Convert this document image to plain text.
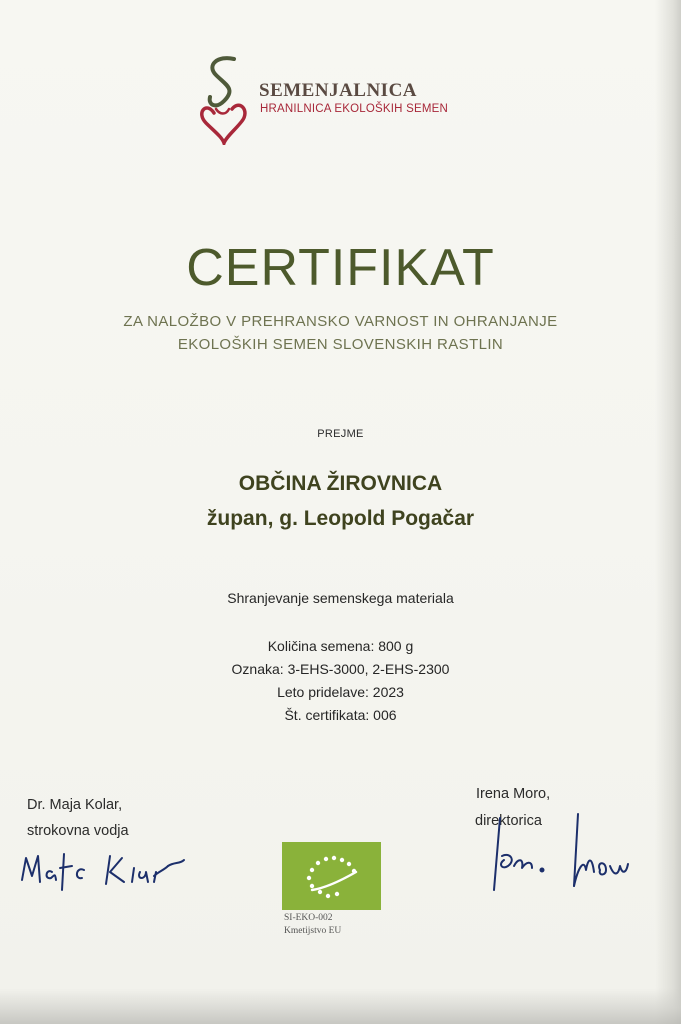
SEMENJALNICA
HRANILNICA EKOLOŠKIH SEMEN
CERTIFIKAT
ZA NALOŽBO V PREHRANSKO VARNOST IN OHRANJANJE
EKOLOŠKIH SEMEN SLOVENSKIH RASTLIN
PREJME
OBČINA ŽIROVNICA
župan, g. Leopold Pogačar
Shranjevanje semenskega materiala
Količina semena: 800 g
Oznaka: 3-EHS-3000, 2-EHS-2300
Leto pridelave: 2023
Št. certifikata: 006
Dr. Maja Kolar,
strokovna vodja
Irena Moro,
direktorica
SI-EKO-002
Kmetijstvo EU
